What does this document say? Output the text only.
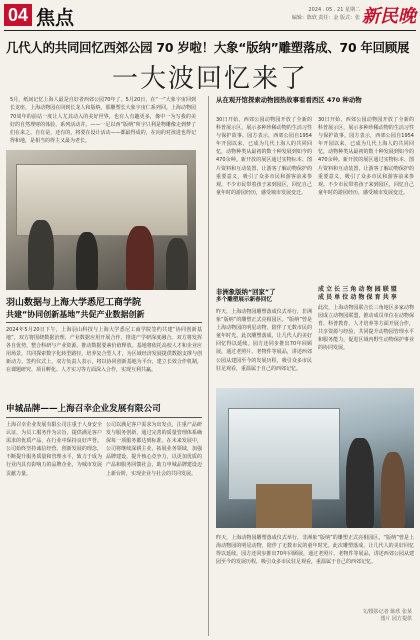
04 焦点	2024 . 05 . 21 星期二
编辑：陈欣 责任：金 版式：张 新民晚
几代人的共同回忆西郊公园 70 岁啦！大象“版纳”雕塑落成、70 年回顾展
一大波回忆来了
5月，纸间记忆上海人最是自好者西郊公园70年了。5月20日，在“一”大象宇宙回到长龙座，上海动物园在回到长龙人和版纳，那雕塑长大象宇宙仁系列回。上海动物园70周年的前站一度让人尤其动入的美好世界，也有人有趣更多，像中一为写我的美好的自然理财的体验，系列活动并。——一足以西“版纳”所宇只利是物雕像走到梦了们在来之。自有是，还有的，将要在设计活动——都最得成的，在向的对孩进也得记得和地，是相当的得主又最为老长。
羽山数据与上海大学悉尼工商学院
共建“协同创新基地”共促产业数据创新
2024年5月20日下午，上海羽山科技与上海大学悉尼工商学院签约共建“协同创新基地”，双方将围绕数据治理、产业数据应用开展合作，推进产学研深度融合。双方将发挥各自优势，整合科研与产业资源，推动数据要素价值释放。基地将依托高校人才和企业应用场景，共同探索数字化转型路径，培养复合型人才，为区域经济发展提供数据支撑与创新动力。签约仪式上，双方负责人表示，将以协同创新基地为平台，建立长效合作机制，在课题研究、项目孵化、人才实习等方面深入合作，实现互利共赢。
申城品牌——上海召幸企业发展有限公司
上海召幸企业发展有限公司注重于人身安全认证，为员工服务作为宗旨，提供满足客户需求的优质产品，在行业中保持良好声誉。公司始终坚持诚信经营、创新发展的理念，不断提升服务质量和管理水平，致力于成为行业内具有影响力的品牌企业，为城市发展贡献力量。
公司以满足客户需求为出发点，注重产品研发与服务创新，通过完善的质量管理体系确保每一项服务都达到标准。在未来发展中，公司将继续深耕主业，拓展业务领域，加强品牌建设，提升核心竞争力，以更加优质的产品和服务回馈社会，助力申城品牌建设迈上新台阶，实现企业与社会的共同发展。
从在观开馆探索动物园热故事看看西区 470 种动物
30日开始，西郊公园动物园开放了全新的科普展示区，展示多种珍稀动物的生活习性与保护故事。园方表示，西郊公园自1954年开园以来，已成为几代上海人的共同回忆，动物种类从最初的数十种发展到如今的470余种。新开放的展区通过实物标本、图片资料和互动装置，让游客了解动物保护的重要意义，吸引了众多市民和游客前来参观。不少市民带着孩子来到园区，回忆自己童年时的游园经历，感受城市发展变迁。
成 立 长 三 角 动 物 园 联 盟
成 员 单 位 动 物 保 育 共 享
此次，上海动物园联合长三角地区多家动物园成立动物园联盟，推动成员单位在动物保育、科普教育、人才培养等方面开展合作，共享资源与经验，共同提升动物园管理水平和服务能力，促进区域内野生动物保护事业的协同发展。
30日开始，西郊公园动物园开放了全新的科普展示区，展示多种珍稀动物的生活习性与保护故事。园方表示，西郊公园自1954年开园以来，已成为几代上海人的共同回忆，动物种类从最初的数十种发展到如今的470余种。新开放的展区通过实物标本、图片资料和互动装置，让游客了解动物保护的重要意义，吸引了众多市民和游客前来参观。不少市民带着孩子来到园区，回忆自己童年时的游园经历，感受城市发展变迁。
非洲象版纳“回家”了
多个雕塑展示新春回忆
昨天，上海动物园雕塑落成仪式举行，非洲象“版纳”的雕塑正式亮相园区。“版纳”曾是上海动物园的明星动物，陪伴了无数市民的童年时光。此次雕塑落成，让几代人的美好回忆得以延续。园方还同步推出70年回顾展，通过老照片、老物件等展品，讲述西郊公园从建园至今的发展历程，吸引众多市民驻足观看，重温属于自己的西郊记忆。
昨天，上海动物园雕塑落成仪式举行，非洲象“版纳”的雕塑正式亮相园区。“版纳”曾是上海动物园的明星动物，陪伴了无数市民的童年时光。此次雕塑落成，让几代人的美好回忆得以延续。园方还同步推出70年回顾展，通过老照片、老物件等展品，讲述西郊公园从建园至今的发展历程，吸引众多市民驻足观看，重温属于自己的西郊记忆。
文/摄影记者 陈欣 张某
图片 园方提供
